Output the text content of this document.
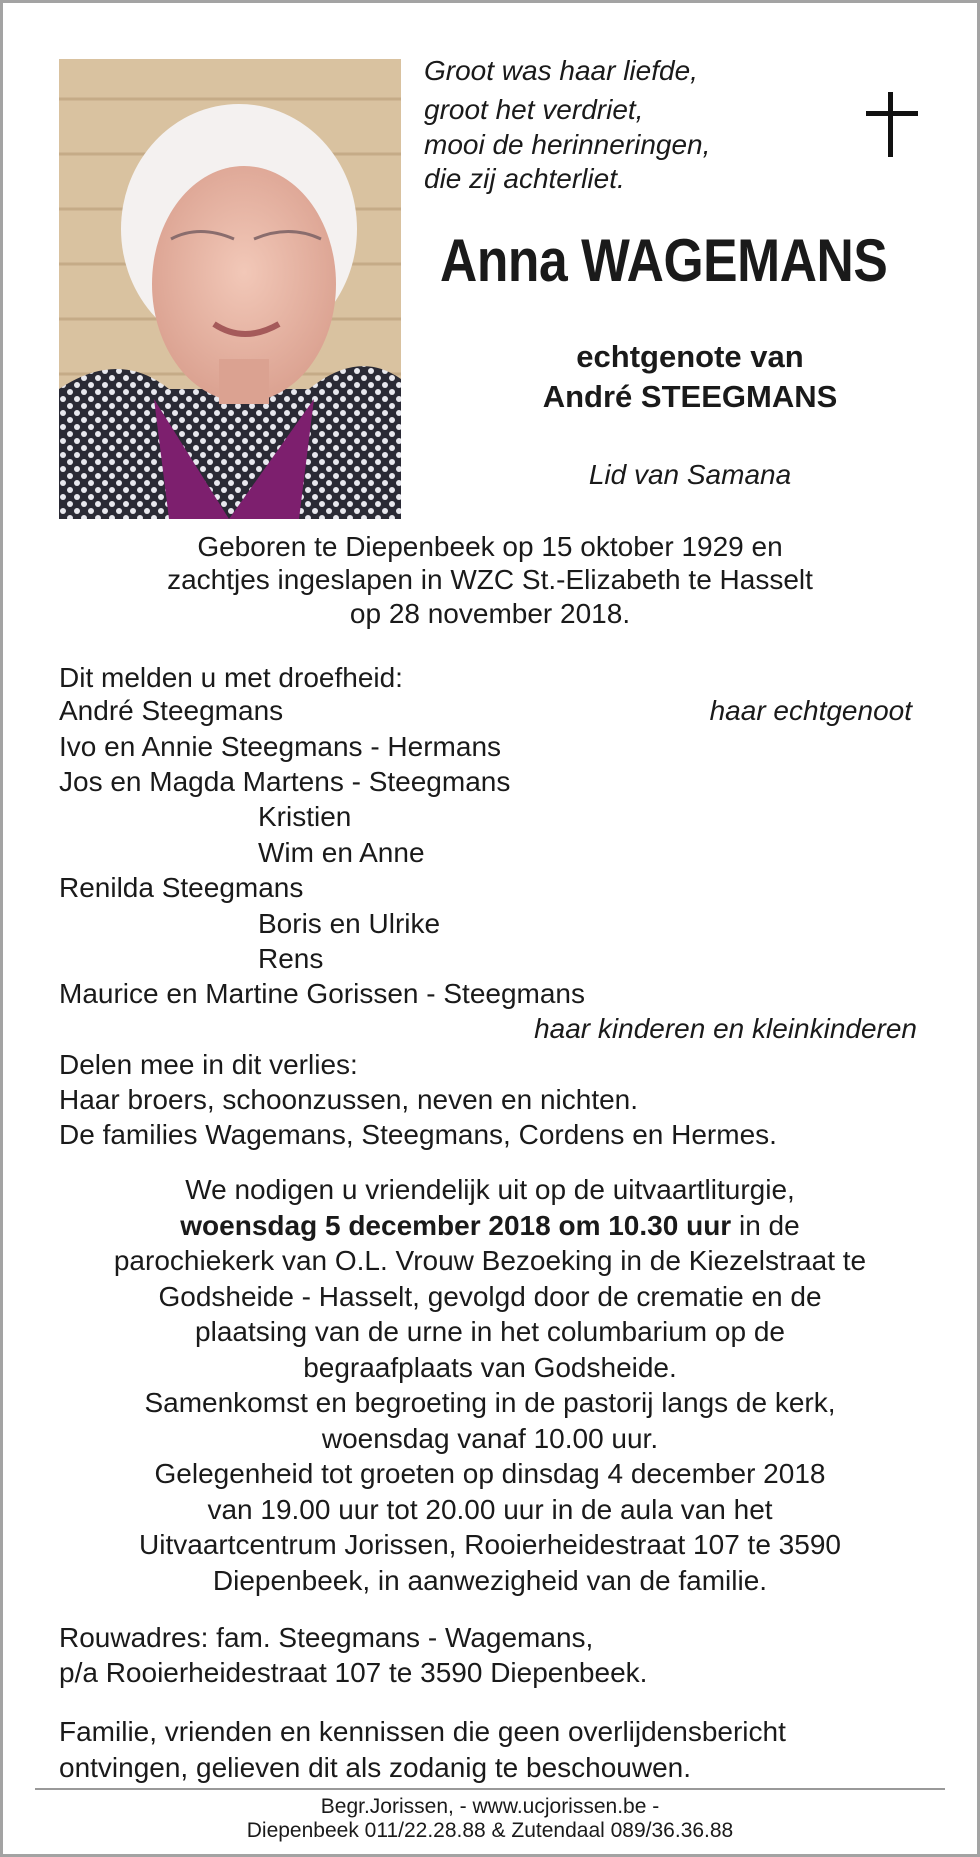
Groot was haar liefde,
groot het verdriet,
mooi de herinneringen,
die zij achterliet.
Anna WAGEMANS
echtgenote van
André STEEGMANS
Lid van Samana
Geboren te Diepenbeek op 15 oktober 1929 en
zachtjes ingeslapen in WZC St.-Elizabeth te Hasselt
op 28 november 2018.
Dit melden u met droefheid:
André Steegmans	haar echtgenoot
Ivo en Annie Steegmans - Hermans
Jos en Magda Martens - Steegmans
Kristien
Wim en Anne
Renilda Steegmans
Boris en Ulrike
Rens
Maurice en Martine Gorissen - Steegmans
haar kinderen en kleinkinderen
Delen mee in dit verlies:
Haar broers, schoonzussen, neven en nichten.
De families Wagemans, Steegmans, Cordens en Hermes.
We nodigen u vriendelijk uit op de uitvaartliturgie,
woensdag 5 december 2018 om 10.30 uur in de
parochiekerk van O.L. Vrouw Bezoeking in de Kiezelstraat te
Godsheide - Hasselt, gevolgd door de crematie en de
plaatsing van de urne in het columbarium op de
begraafplaats van Godsheide.
Samenkomst en begroeting in de pastorij langs de kerk,
woensdag vanaf 10.00 uur.
Gelegenheid tot groeten op dinsdag 4 december 2018
van 19.00 uur tot 20.00 uur in de aula van het
Uitvaartcentrum Jorissen, Rooierheidestraat 107 te 3590
Diepenbeek, in aanwezigheid van de familie.
Rouwadres: fam. Steegmans - Wagemans,
p/a Rooierheidestraat 107 te 3590 Diepenbeek.
Familie, vrienden en kennissen die geen overlijdensbericht
ontvingen, gelieven dit als zodanig te beschouwen.
Begr.Jorissen, - www.ucjorissen.be -
Diepenbeek 011/22.28.88 & Zutendaal 089/36.36.88
